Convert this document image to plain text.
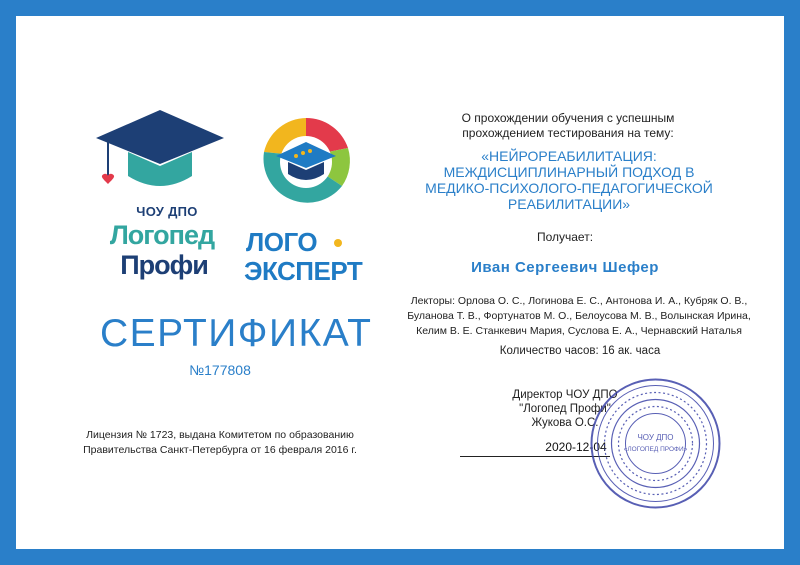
ЧОУ ДПО
Логопед
Профи
ЛОГО
ЭКСПЕРТ
СЕРТИФИКАТ
№177808
Лицензия № 1723, выдана Комитетом по образованию
Правительства Санкт-Петербурга от 16 февраля 2016 г.
О прохождении обучения с успешным
прохождением тестирования на тему:
«НЕЙРОРЕАБИЛИТАЦИЯ:
МЕЖДИСЦИПЛИНАРНЫЙ ПОДХОД В
МЕДИКО-ПСИХОЛОГО-ПЕДАГОГИЧЕСКОЙ
РЕАБИЛИТАЦИИ»
Получает:
Иван Сергеевич Шефер
Лекторы: Орлова О. С., Логинова Е. С., Антонова И. А., Кубряк О. В.,
Буланова Т. В., Фортунатов М. О., Белоусова М. В., Волынская Ирина,
Келим В. Е. Станкевич Мария, Суслова Е. А., Чернавский Наталья
Количество часов: 16 ак. часа
Директор ЧОУ ДПО
"Логопед Профи"
Жукова О.С.
2020-12-04
ЧОУ ДПО
«ЛОГОПЕД ПРОФИ»
